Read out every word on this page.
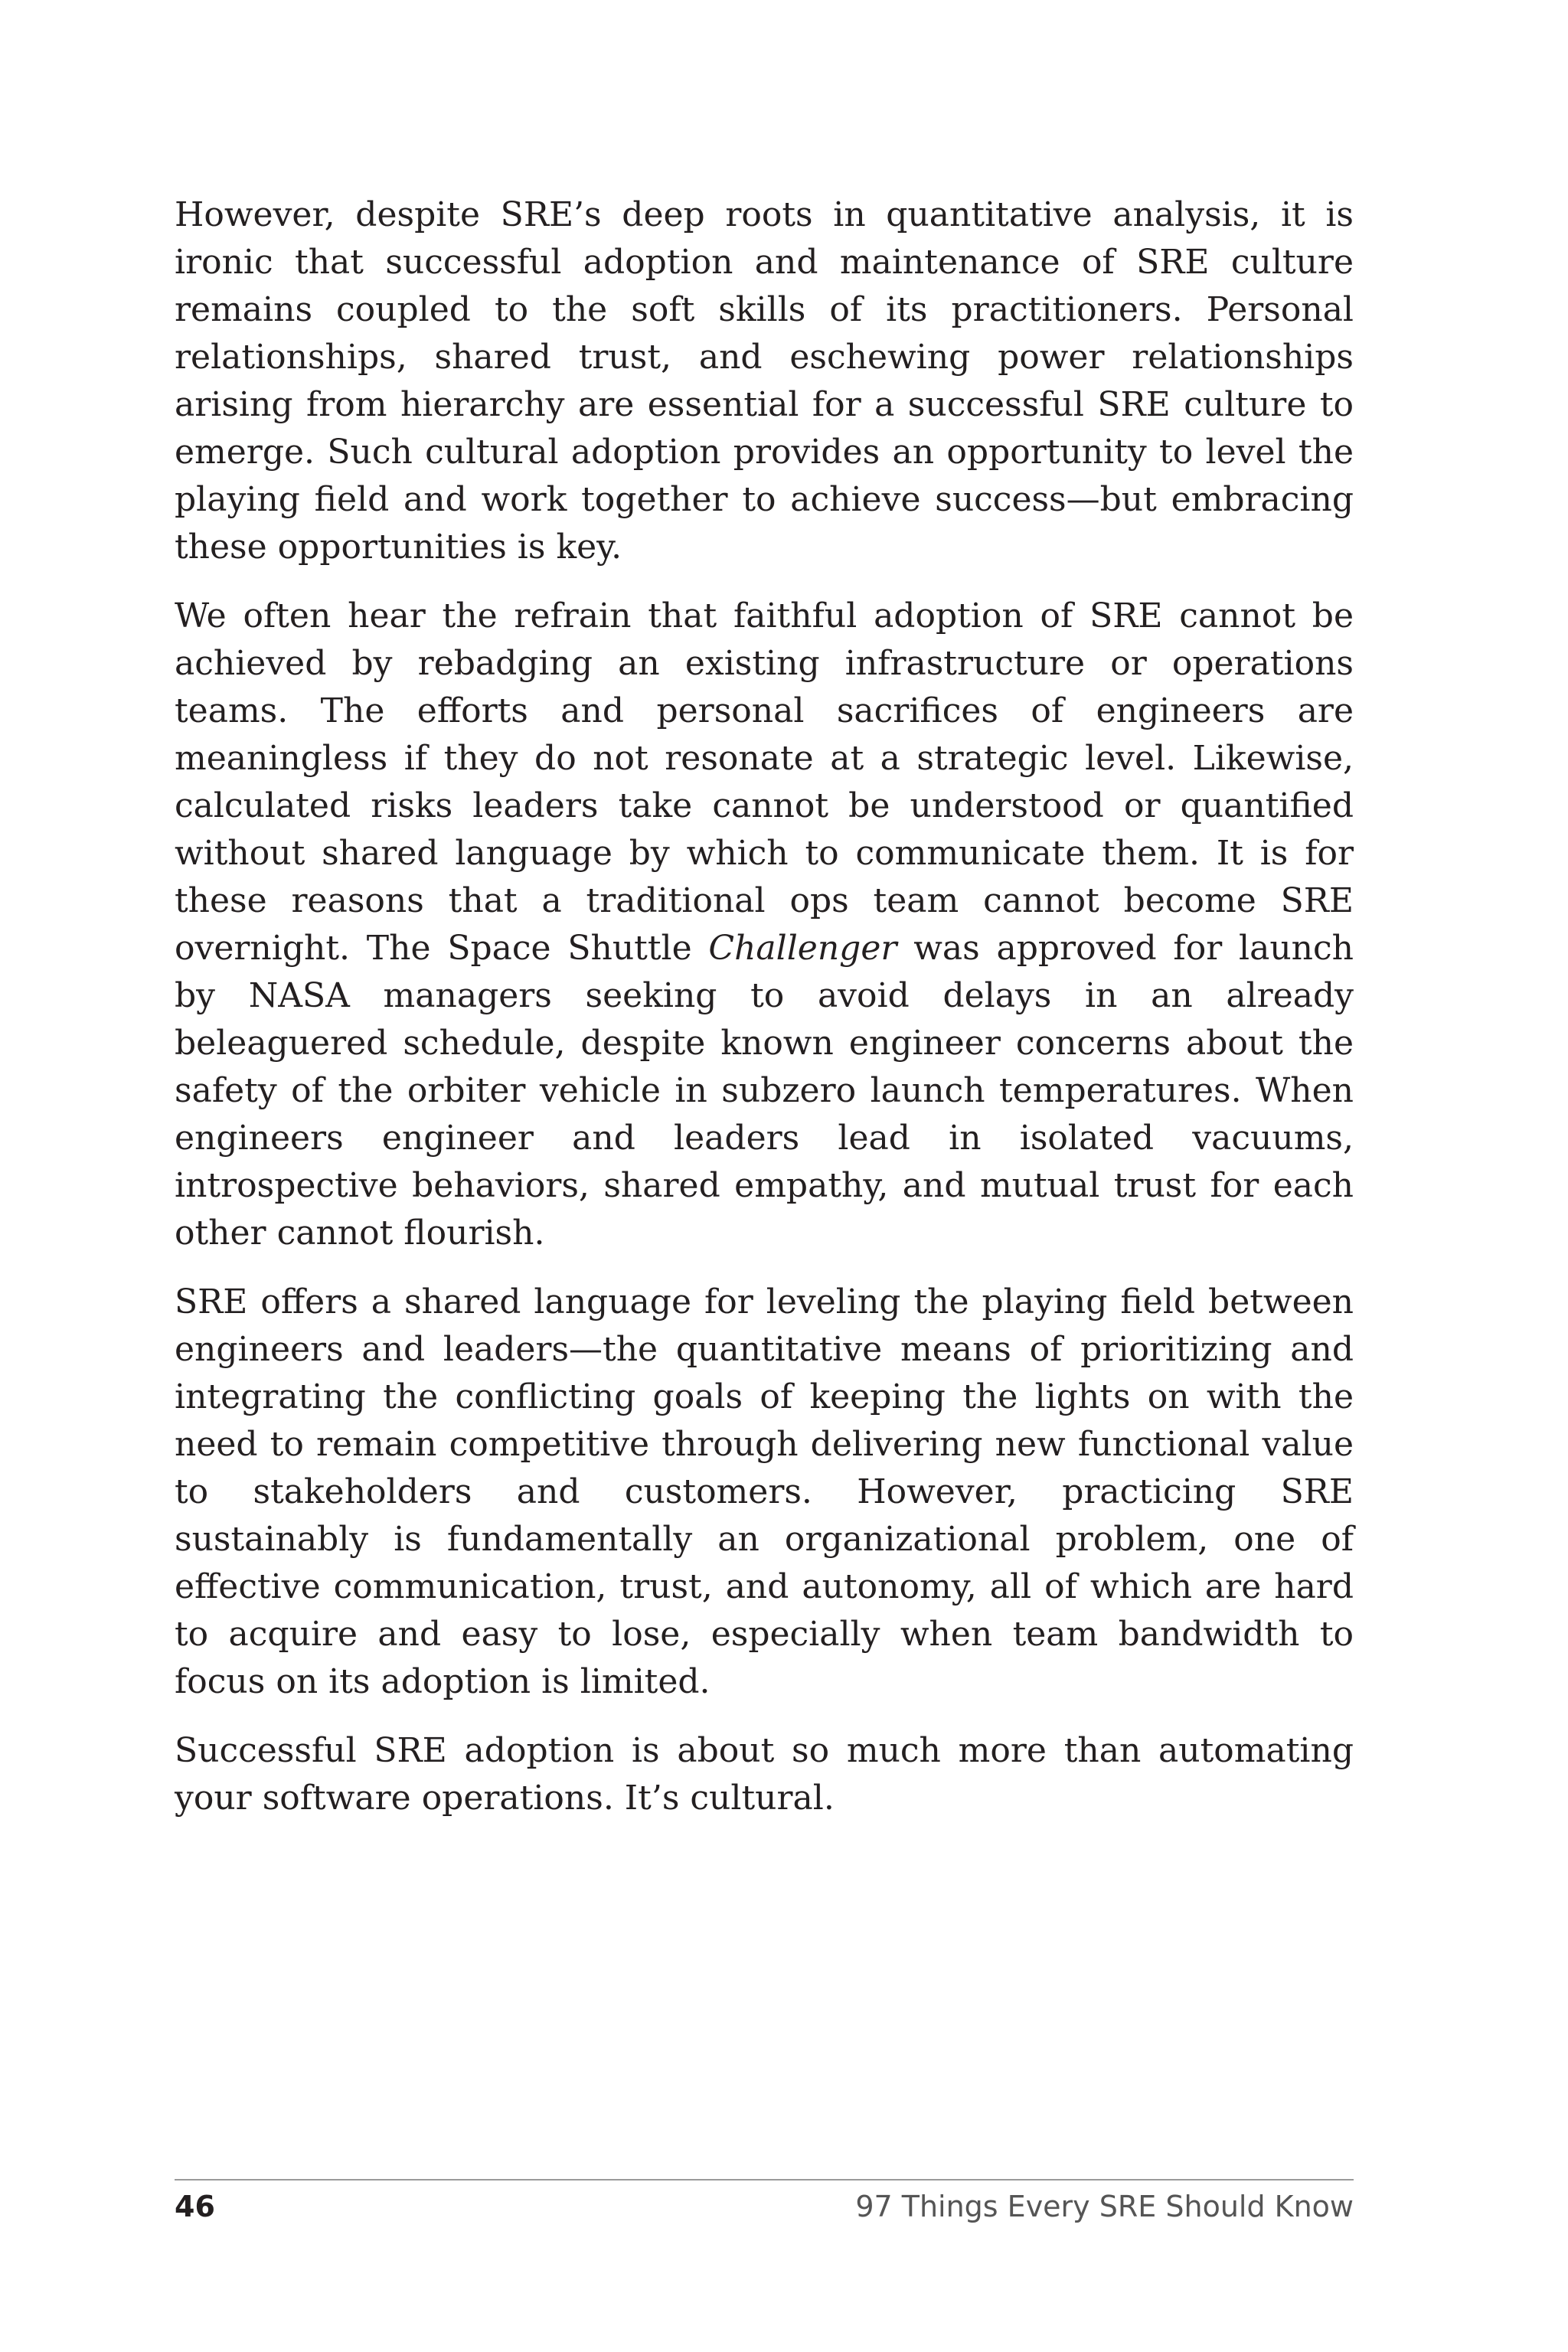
However, despite SRE’s deep roots in quantitative analysis, it is ironic that successful adoption and maintenance of SRE culture remains coupled to the soft skills of its practitioners. Personal relationships, shared trust, and eschewing power relationships arising from hierarchy are essential for a successful SRE culture to emerge. Such cultural adoption provides an opportunity to level the playing field and work together to achieve success—but embracing these opportunities is key.

We often hear the refrain that faithful adoption of SRE cannot be achieved by rebadging an existing infrastructure or operations teams. The efforts and personal sacrifices of engineers are meaningless if they do not resonate at a strategic level. Likewise, calculated risks leaders take cannot be understood or quantified without shared language by which to communicate them. It is for these reasons that a traditional ops team cannot become SRE overnight. The Space Shuttle Challenger was approved for launch by NASA managers seeking to avoid delays in an already beleaguered schedule, despite known engineer concerns about the safety of the orbiter vehicle in subzero launch temperatures. When engineers engineer and leaders lead in isolated vacuums, introspective behaviors, shared empathy, and mutual trust for each other cannot flourish.

SRE offers a shared language for leveling the playing field between engineers and leaders—the quantitative means of prioritizing and integrating the conflicting goals of keeping the lights on with the need to remain competitive through delivering new functional value to stakeholders and customers. However, practicing SRE sustainably is fundamentally an organizational problem, one of effective communication, trust, and autonomy, all of which are hard to acquire and easy to lose, especially when team bandwidth to focus on its adoption is limited.

Successful SRE adoption is about so much more than automating your software operations. It’s cultural.

46	97 Things Every SRE Should Know
